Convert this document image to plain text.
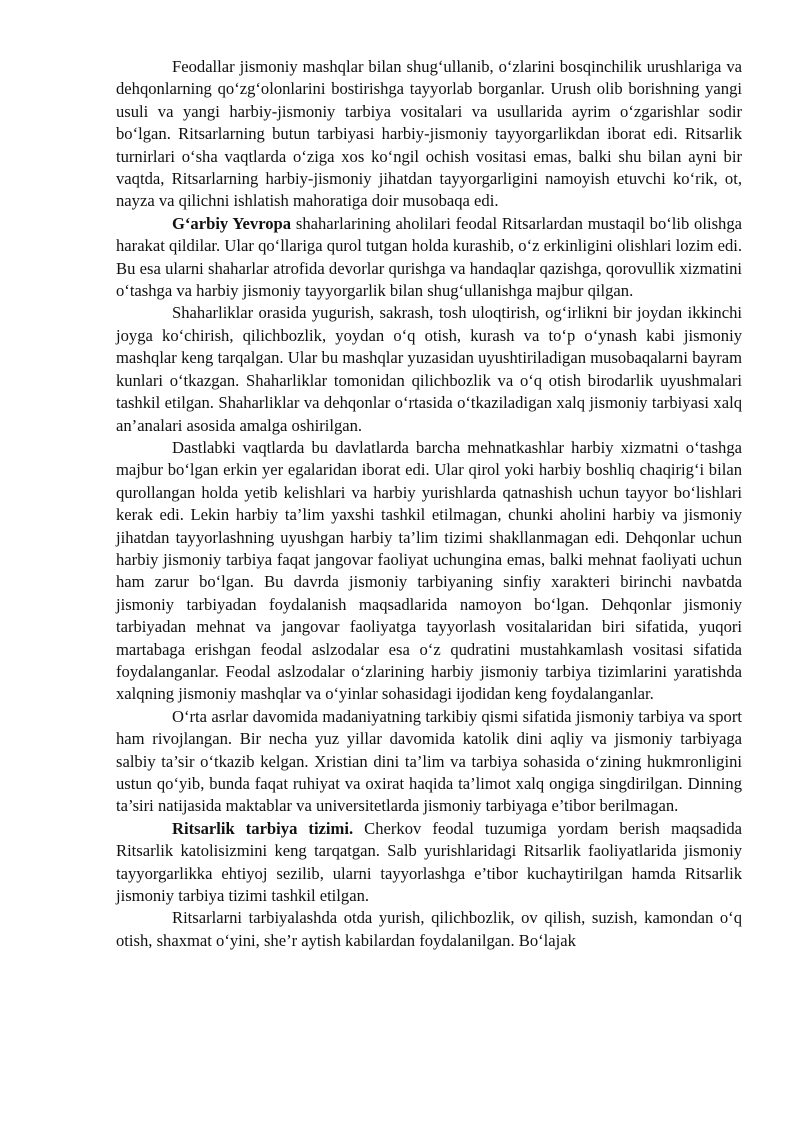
Feodallar jismoniy mashqlar bilan shug‘ullanib, o‘zlarini bosqinchilik urushlariga va dehqonlarning qo‘zg‘olonlarini bostirishga tayyorlab borganlar. Urush olib borishning yangi usuli va yangi harbiy-jismoniy tarbiya vositalari va usullarida ayrim o‘zgarishlar sodir bo‘lgan. Ritsarlarning butun tarbiyasi harbiy-jismoniy tayyorgarlikdan iborat edi. Ritsarlik turnirlari o‘sha vaqtlarda o‘ziga xos ko‘ngil ochish vositasi emas, balki shu bilan ayni bir vaqtda, Ritsarlarning harbiy-jismoniy jihatdan tayyorgarligini namoyish etuvchi ko‘rik, ot, nayza va qilichni ishlatish mahoratiga doir musobaqa edi.

G‘arbiy Yevropa shaharlarining aholilari feodal Ritsarlardan mustaqil bo‘lib olishga harakat qildilar. Ular qo‘llariga qurol tutgan holda kurashib, o‘z erkinligini olishlari lozim edi. Bu esa ularni shaharlar atrofida devorlar qurishga va handaqlar qazishga, qorovullik xizmatini o‘tashga va harbiy jismoniy tayyorgarlik bilan shug‘ullanishga majbur qilgan.

Shaharliklar orasida yugurish, sakrash, tosh uloqtirish, og‘irlikni bir joydan ikkinchi joyga ko‘chirish, qilichbozlik, yoydan o‘q otish, kurash va to‘p o‘ynash kabi jismoniy mashqlar keng tarqalgan. Ular bu mashqlar yuzasidan uyushtiriladigan musobaqalarni bayram kunlari o‘tkazgan. Shaharliklar tomonidan qilichbozlik va o‘q otish birodarlik uyushmalari tashkil etilgan. Shaharliklar va dehqonlar o‘rtasida o‘tkaziladigan xalq jismoniy tarbiyasi xalq an’analari asosida amalga oshirilgan.

Dastlabki vaqtlarda bu davlatlarda barcha mehnatkashlar harbiy xizmatni o‘tashga majbur bo‘lgan erkin yer egalaridan iborat edi. Ular qirol yoki harbiy boshliq chaqirig‘i bilan qurollangan holda yetib kelishlari va harbiy yurishlarda qatnashish uchun tayyor bo‘lishlari kerak edi. Lekin harbiy ta’lim yaxshi tashkil etilmagan, chunki aholini harbiy va jismoniy jihatdan tayyorlashning uyushgan harbiy ta’lim tizimi shakllanmagan edi. Dehqonlar uchun harbiy jismoniy tarbiya faqat jangovar faoliyat uchungina emas, balki mehnat faoliyati uchun ham zarur bo‘lgan. Bu davrda jismoniy tarbiyaning sinfiy xarakteri birinchi navbatda jismoniy tarbiyadan foydalanish maqsadlarida namoyon bo‘lgan. Dehqonlar jismoniy tarbiyadan mehnat va jangovar faoliyatga tayyorlash vositalaridan biri sifatida, yuqori martabaga erishgan feodal aslzodalar esa o‘z qudratini mustahkamlash vositasi sifatida foydalanganlar. Feodal aslzodalar o‘zlarining harbiy jismoniy tarbiya tizimlarini yaratishda xalqning jismoniy mashqlar va o‘yinlar sohasidagi ijodidan keng foydalanganlar.

O‘rta asrlar davomida madaniyatning tarkibiy qismi sifatida jismoniy tarbiya va sport ham rivojlangan. Bir necha yuz yillar davomida katolik dini aqliy va jismoniy tarbiyaga salbiy ta’sir o‘tkazib kelgan. Xristian dini ta’lim va tarbiya sohasida o‘zining hukmronligini ustun qo‘yib, bunda faqat ruhiyat va oxirat haqida ta’limot xalq ongiga singdirilgan. Dinning ta’siri natijasida maktablar va universitetlarda jismoniy tarbiyaga e’tibor berilmagan.

Ritsarlik tarbiya tizimi. Cherkov feodal tuzumiga yordam berish maqsadida Ritsarlik katolisizmini keng tarqatgan. Salb yurishlaridagi Ritsarlik faoliyatlarida jismoniy tayyorgarlikka ehtiyoj sezilib, ularni tayyorlashga e’tibor kuchaytirilgan hamda Ritsarlik jismoniy tarbiya tizimi tashkil etilgan.

Ritsarlarni tarbiyalashda otda yurish, qilichbozlik, ov qilish, suzish, kamondan o‘q otish, shaxmat o‘yini, she’r aytish kabilardan foydalanilgan. Bo‘lajak
